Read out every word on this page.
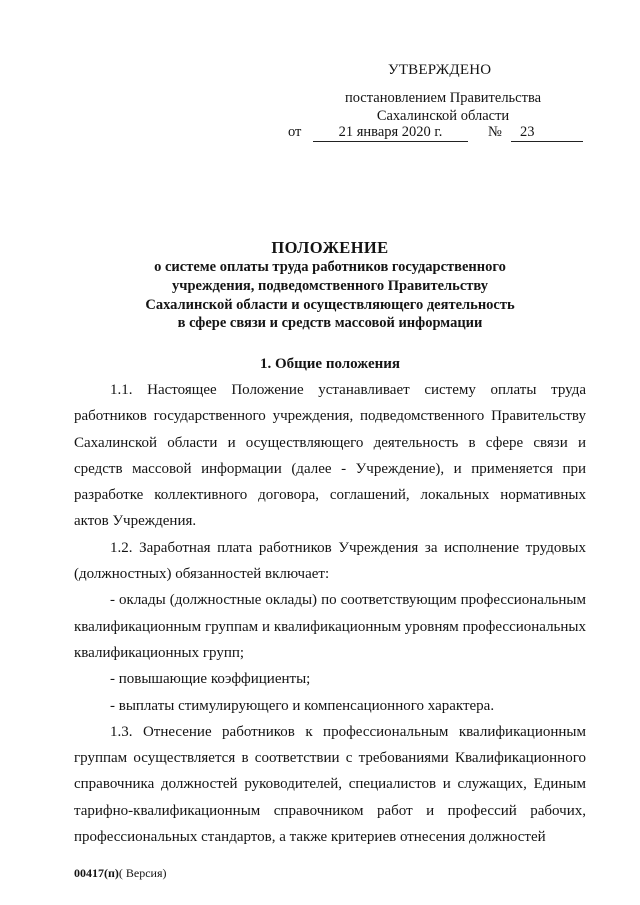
УТВЕРЖДЕНО
постановлением Правительства
Сахалинской области
от	21 января 2020 г.	№ 23
ПОЛОЖЕНИЕ
о системе оплаты труда работников государственного
учреждения, подведомственного Правительству
Сахалинской области и осуществляющего деятельность
в сфере связи и средств массовой информации
1. Общие положения

1.1. Настоящее Положение устанавливает систему оплаты труда работников государственного учреждения, подведомственного Правительству Сахалинской области и осуществляющего деятельность в сфере связи и средств массовой информации (далее - Учреждение), и применяется при разработке коллективного договора, соглашений, локальных нормативных актов Учреждения.

1.2. Заработная плата работников Учреждения за исполнение трудовых (должностных) обязанностей включает:

- оклады (должностные оклады) по соответствующим профессиональным квалификационным группам и квалификационным уровням профессиональных квалификационных групп;

- повышающие коэффициенты;

- выплаты стимулирующего и компенсационного характера.

1.3. Отнесение работников к профессиональным квалификационным группам осуществляется в соответствии с требованиями Квалификационного справочника должностей руководителей, специалистов и служащих, Единым тарифно-квалификационным справочником работ и профессий рабочих, профессиональных стандартов, а также критериев отнесения должностей

00417(п)( Версия)
